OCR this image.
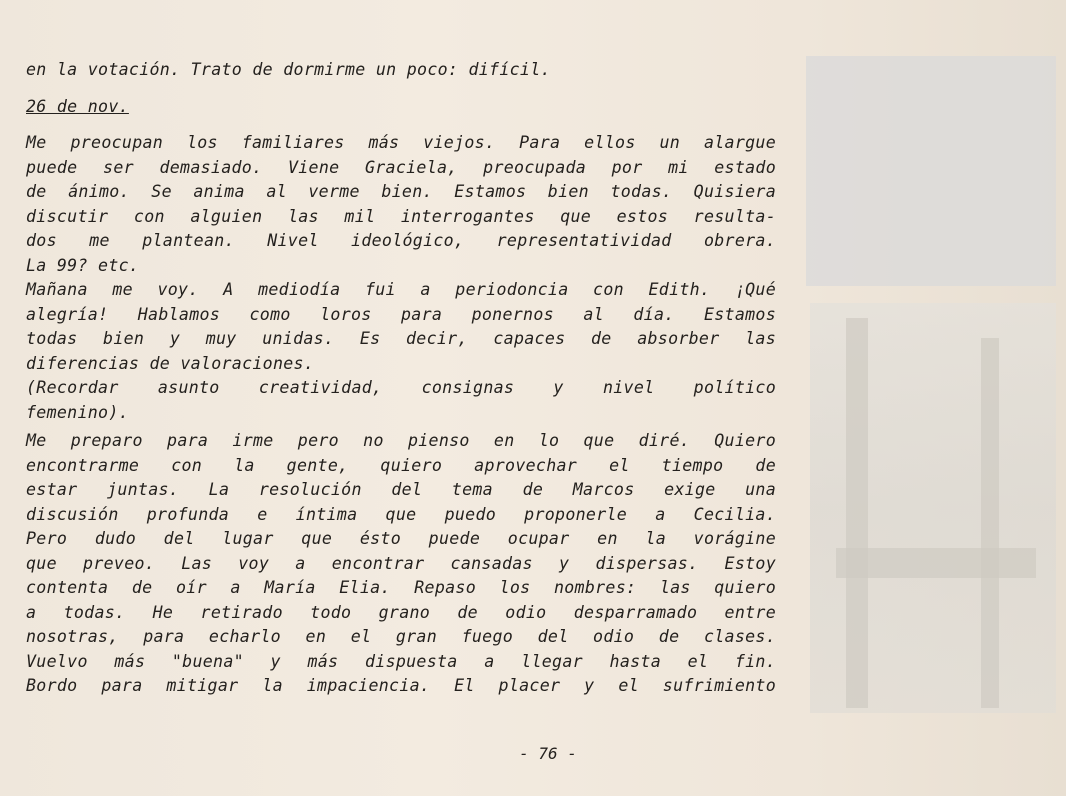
en la votación. Trato de dormirme un poco: difícil.
26 de nov.
Me preocupan los familiares más viejos. Para ellos un alargue
puede ser demasiado. Viene Graciela, preocupada por mi estado
de ánimo. Se anima al verme bien. Estamos bien todas. Quisiera
discutir con alguien las mil interrogantes que estos resulta-
dos me plantean. Nivel ideológico, representatividad obrera.
La 99? etc.
Mañana me voy. A mediodía fui a periodoncia con Edith. ¡Qué
alegría! Hablamos como loros para ponernos al día. Estamos
todas bien y muy unidas. Es decir, capaces de absorber las
diferencias de valoraciones.
(Recordar asunto creatividad, consignas y nivel político
femenino).
Me preparo para irme pero no pienso en lo que diré. Quiero
encontrarme con la gente, quiero aprovechar el tiempo de
estar juntas. La resolución del tema de Marcos exige una
discusión profunda e íntima que puedo proponerle a Cecilia.
Pero dudo del lugar que ésto puede ocupar en la vorágine
que preveo. Las voy a encontrar cansadas y dispersas. Estoy
contenta de oír a María Elia. Repaso los nombres: las quiero
a todas. He retirado todo grano de odio desparramado entre
nosotras, para echarlo en el gran fuego del odio de clases.
Vuelvo más "buena" y más dispuesta a llegar hasta el fin.
Bordo para mitigar la impaciencia. El placer y el sufrimiento
- 76 -
